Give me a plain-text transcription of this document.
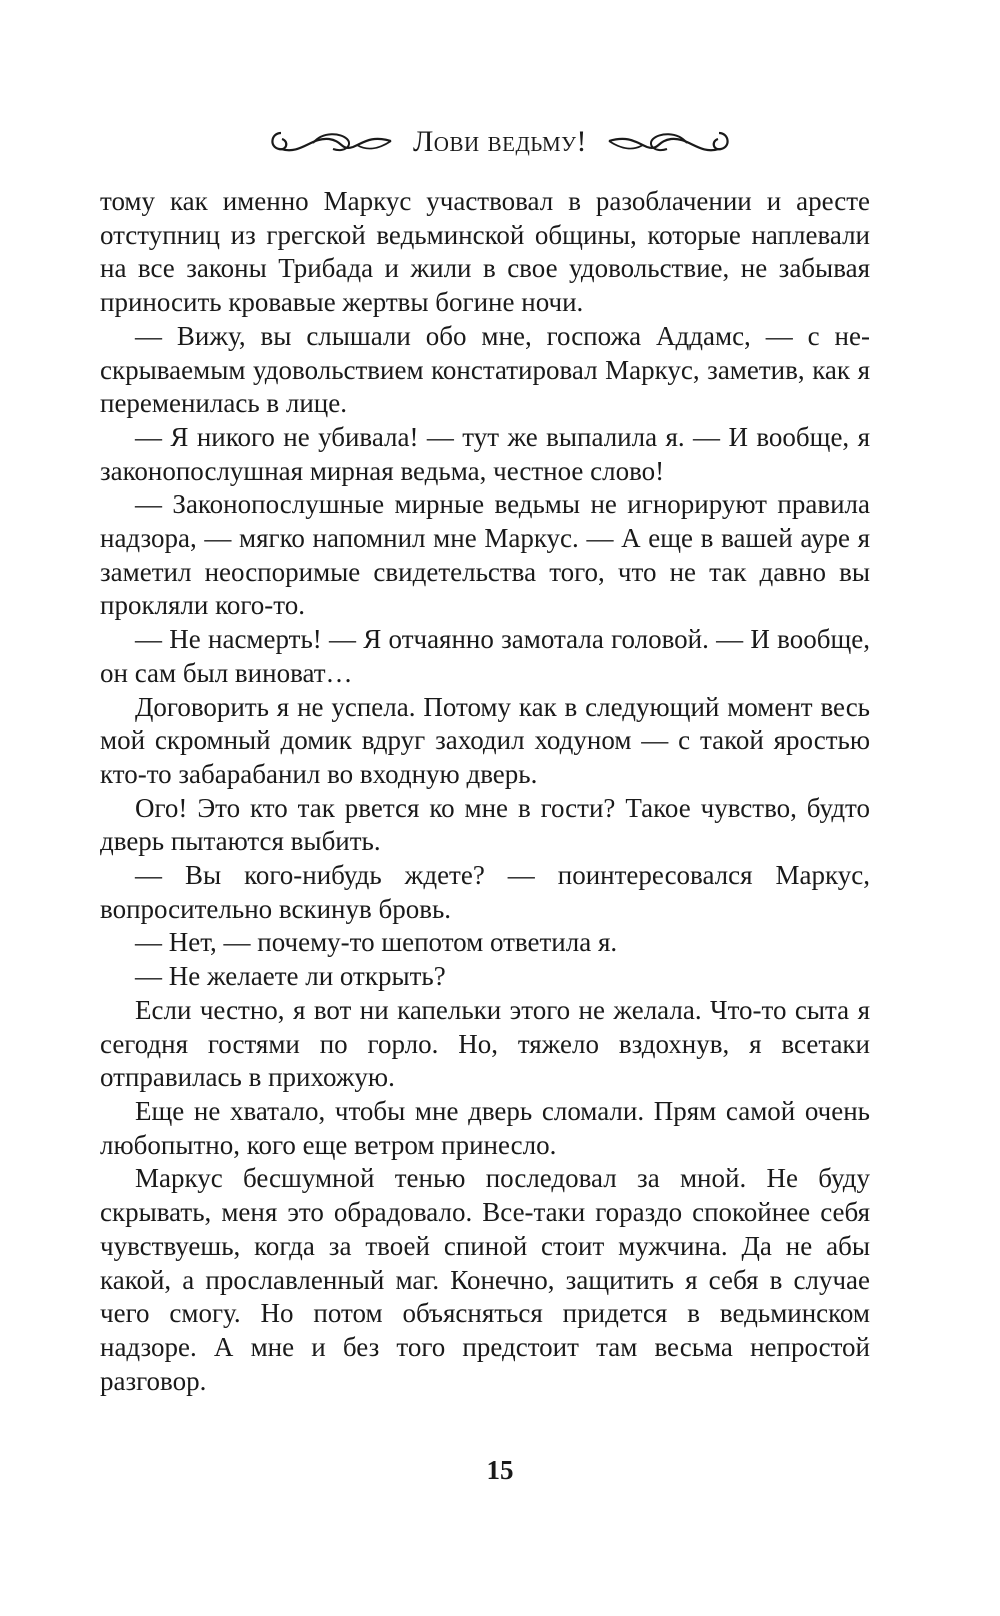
Лови ведьму!

тому как именно Маркус участвовал в разоблачении и аресте отступниц из грегской ведьминской общины, которые наплевали на все законы Трибада и жили в свое удовольствие, не забывая приносить кровавые жертвы богине ночи.

— Вижу, вы слышали обо мне, госпожа Аддамс, — с нескрываемым удовольствием констатировал Маркус, заметив, как я переменилась в лице.

— Я никого не убивала! — тут же выпалила я. — И вообще, я законопослушная мирная ведьма, честное слово!

— Законопослушные мирные ведьмы не игнорируют правила надзора, — мягко напомнил мне Маркус. — А еще в вашей ауре я заметил неоспоримые свидетельства того, что не так давно вы прокляли кого-то.

— Не насмерть! — Я отчаянно замотала головой. — И вообще, он сам был виноват…

Договорить я не успела. Потому как в следующий момент весь мой скромный домик вдруг заходил ходуном — с такой яростью кто-то забарабанил во входную дверь.

Ого! Это кто так рвется ко мне в гости? Такое чувство, будто дверь пытаются выбить.

— Вы кого-нибудь ждете? — поинтересовался Маркус, вопросительно вскинув бровь.

— Нет, — почему-то шепотом ответила я.

— Не желаете ли открыть?

Если честно, я вот ни капельки этого не желала. Что-то сыта я сегодня гостями по горло. Но, тяжело вздохнув, я всетаки отправилась в прихожую.

Еще не хватало, чтобы мне дверь сломали. Прям самой очень любопытно, кого еще ветром принесло.

Маркус бесшумной тенью последовал за мной. Не буду скрывать, меня это обрадовало. Все-таки гораздо спокойнее себя чувствуешь, когда за твоей спиной стоит мужчина. Да не абы какой, а прославленный маг. Конечно, защитить я себя в случае чего смогу. Но потом объясняться придется в ведьминском надзоре. А мне и без того предстоит там весьма непростой разговор.

15
